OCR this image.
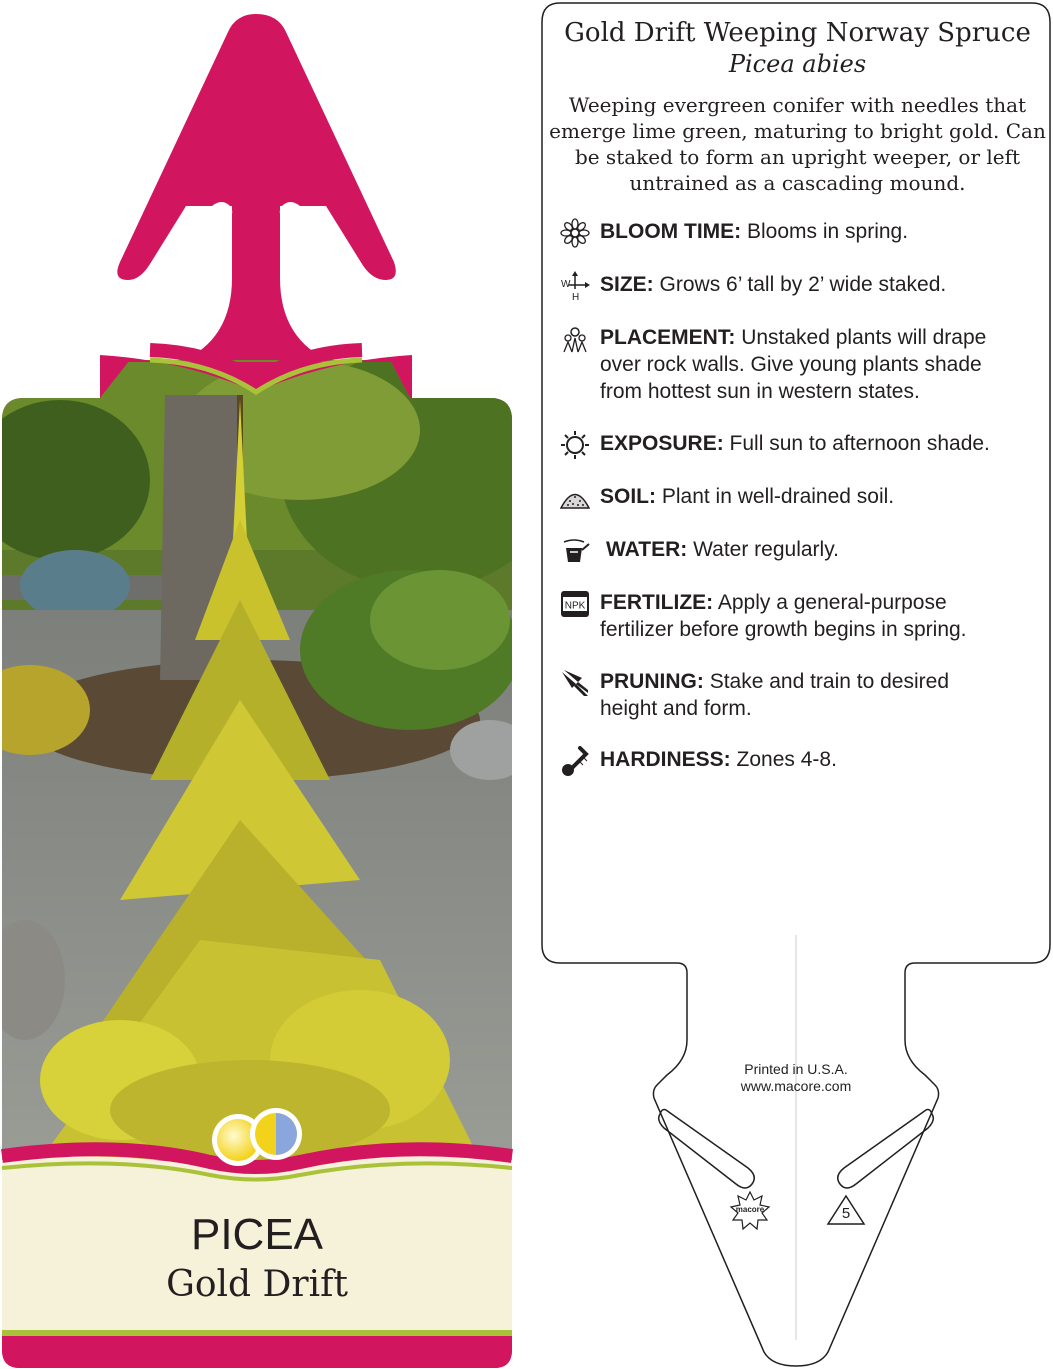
PICEA
Gold Drift
Gold Drift Weeping Norway Spruce
Picea abies
Weeping evergreen conifer with needles that
emerge lime green, maturing to bright gold. Can
be staked to form an upright weeper, or left
untrained as a cascading mound.
BLOOM TIME: Blooms in spring.
W
H
SIZE: Grows 6’ tall by 2’ wide staked.
PLACEMENT: Unstaked plants will drape
over rock walls. Give young plants shade
from hottest sun in western states.
EXPOSURE: Full sun to afternoon shade.
SOIL: Plant in well-drained soil.
WATER: Water regularly.
NPK FERTILIZE: Apply a general-purpose
fertilizer before growth begins in spring.
PRUNING: Stake and train to desired
height and form.
HARDINESS: Zones 4-8.
Printed in U.S.A.
www.macore.com
macore	5
